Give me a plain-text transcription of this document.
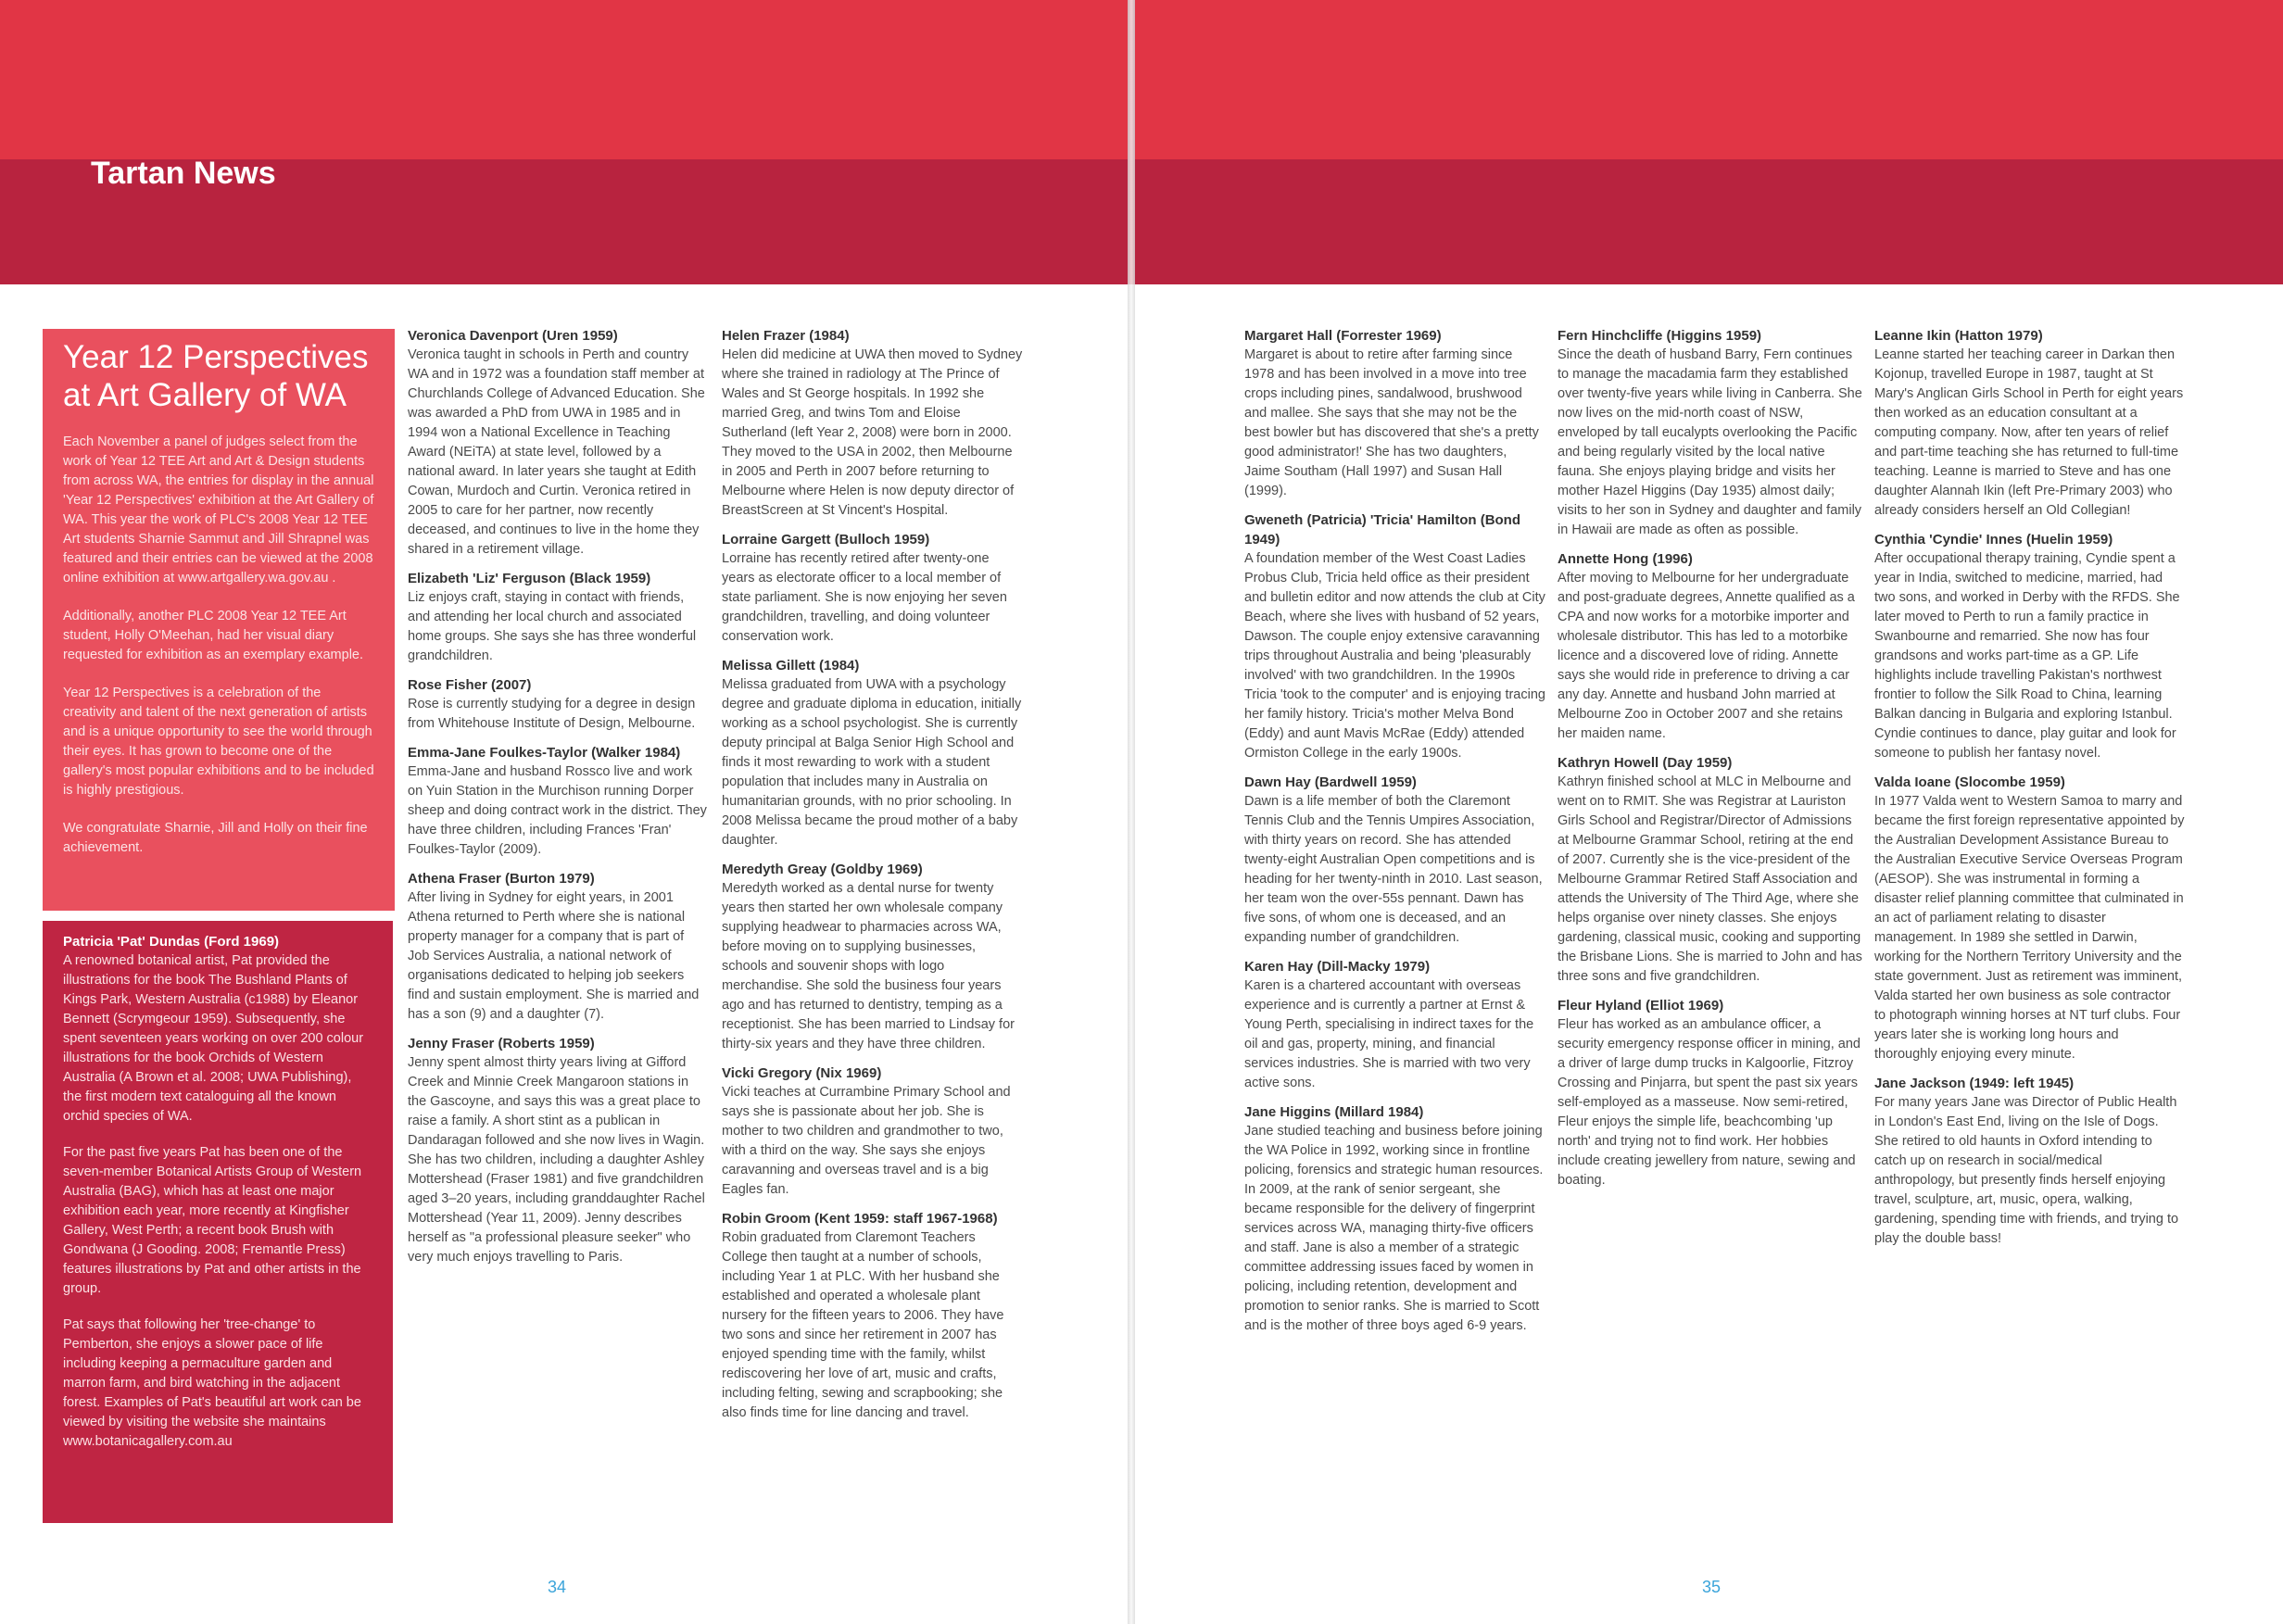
Tartan News
Year 12 Perspectives at Art Gallery of WA

Each November a panel of judges select from the work of Year 12 TEE Art and Art & Design students from across WA, the entries for display in the annual 'Year 12 Perspectives' exhibition at the Art Gallery of WA. This year the work of PLC's 2008 Year 12 TEE Art students Sharnie Sammut and Jill Shrapnel was featured and their entries can be viewed at the 2008 online exhibition at www.artgallery.wa.gov.au .

Additionally, another PLC 2008 Year 12 TEE Art student, Holly O'Meehan, had her visual diary requested for exhibition as an exemplary example.

Year 12 Perspectives is a celebration of the creativity and talent of the next generation of artists and is a unique opportunity to see the world through their eyes. It has grown to become one of the gallery's most popular exhibitions and to be included is highly prestigious.

We congratulate Sharnie, Jill and Holly on their fine achievement.

Patricia 'Pat' Dundas (Ford 1969)

A renowned botanical artist, Pat provided the illustrations for the book The Bushland Plants of Kings Park, Western Australia (c1988) by Eleanor Bennett (Scrymgeour 1959). Subsequently, she spent seventeen years working on over 200 colour illustrations for the book Orchids of Western Australia (A Brown et al. 2008; UWA Publishing), the first modern text cataloguing all the known orchid species of WA.

For the past five years Pat has been one of the seven-member Botanical Artists Group of Western Australia (BAG), which has at least one major exhibition each year, more recently at Kingfisher Gallery, West Perth; a recent book Brush with Gondwana (J Gooding. 2008; Fremantle Press) features illustrations by Pat and other artists in the group.

Pat says that following her 'tree-change' to Pemberton, she enjoys a slower pace of life including keeping a permaculture garden and marron farm, and bird watching in the adjacent forest. Examples of Pat's beautiful art work can be viewed by visiting the website she maintains www.botanicagallery.com.au

Veronica Davenport (Uren 1959)

Veronica taught in schools in Perth and country WA and in 1972 was a foundation staff member at Churchlands College of Advanced Education. She was awarded a PhD from UWA in 1985 and in 1994 won a National Excellence in Teaching Award (NEiTA) at state level, followed by a national award. In later years she taught at Edith Cowan, Murdoch and Curtin. Veronica retired in 2005 to care for her partner, now recently deceased, and continues to live in the home they shared in a retirement village.

Elizabeth 'Liz' Ferguson (Black 1959)

Liz enjoys craft, staying in contact with friends, and attending her local church and associated home groups. She says she has three wonderful grandchildren.

Rose Fisher (2007)

Rose is currently studying for a degree in design from Whitehouse Institute of Design, Melbourne.

Emma-Jane Foulkes-Taylor (Walker 1984)

Emma-Jane and husband Rossco live and work on Yuin Station in the Murchison running Dorper sheep and doing contract work in the district. They have three children, including Frances 'Fran' Foulkes-Taylor (2009).

Athena Fraser (Burton 1979)

After living in Sydney for eight years, in 2001 Athena returned to Perth where she is national property manager for a company that is part of Job Services Australia, a national network of organisations dedicated to helping job seekers find and sustain employment. She is married and has a son (9) and a daughter (7).

Jenny Fraser (Roberts 1959)

Jenny spent almost thirty years living at Gifford Creek and Minnie Creek Mangaroon stations in the Gascoyne, and says this was a great place to raise a family. A short stint as a publican in Dandaragan followed and she now lives in Wagin. She has two children, including a daughter Ashley Mottershead (Fraser 1981) and five grandchildren aged 3–20 years, including granddaughter Rachel Mottershead (Year 11, 2009). Jenny describes herself as "a professional pleasure seeker" who very much enjoys travelling to Paris.

Helen Frazer (1984)

Helen did medicine at UWA then moved to Sydney where she trained in radiology at The Prince of Wales and St George hospitals. In 1992 she married Greg, and twins Tom and Eloise Sutherland (left Year 2, 2008) were born in 2000. They moved to the USA in 2002, then Melbourne in 2005 and Perth in 2007 before returning to Melbourne where Helen is now deputy director of BreastScreen at St Vincent's Hospital.

Lorraine Gargett (Bulloch 1959)

Lorraine has recently retired after twenty-one years as electorate officer to a local member of state parliament. She is now enjoying her seven grandchildren, travelling, and doing volunteer conservation work.

Melissa Gillett (1984)

Melissa graduated from UWA with a psychology degree and graduate diploma in education, initially working as a school psychologist. She is currently deputy principal at Balga Senior High School and finds it most rewarding to work with a student population that includes many in Australia on humanitarian grounds, with no prior schooling. In 2008 Melissa became the proud mother of a baby daughter.

Meredyth Greay (Goldby 1969)

Meredyth worked as a dental nurse for twenty years then started her own wholesale company supplying headwear to pharmacies across WA, before moving on to supplying businesses, schools and souvenir shops with logo merchandise. She sold the business four years ago and has returned to dentistry, temping as a receptionist. She has been married to Lindsay for thirty-six years and they have three children.

Vicki Gregory (Nix 1969)

Vicki teaches at Currambine Primary School and says she is passionate about her job. She is mother to two children and grandmother to two, with a third on the way. She says she enjoys caravanning and overseas travel and is a big Eagles fan.

Robin Groom (Kent 1959: staff 1967-1968)

Robin graduated from Claremont Teachers College then taught at a number of schools, including Year 1 at PLC. With her husband she established and operated a wholesale plant nursery for the fifteen years to 2006. They have two sons and since her retirement in 2007 has enjoyed spending time with the family, whilst rediscovering her love of art, music and crafts, including felting, sewing and scrapbooking; she also finds time for line dancing and travel.

Margaret Hall (Forrester 1969)

Margaret is about to retire after farming since 1978 and has been involved in a move into tree crops including pines, sandalwood, brushwood and mallee. She says that she may not be the best bowler but has discovered that she's a pretty good administrator!' She has two daughters, Jaime Southam (Hall 1997) and Susan Hall (1999).

Gweneth (Patricia) 'Tricia' Hamilton (Bond 1949)

A foundation member of the West Coast Ladies Probus Club, Tricia held office as their president and bulletin editor and now attends the club at City Beach, where she lives with husband of 52 years, Dawson. The couple enjoy extensive caravanning trips throughout Australia and being 'pleasurably involved' with two grandchildren. In the 1990s Tricia 'took to the computer' and is enjoying tracing her family history. Tricia's mother Melva Bond (Eddy) and aunt Mavis McRae (Eddy) attended Ormiston College in the early 1900s.

Dawn Hay (Bardwell 1959)

Dawn is a life member of both the Claremont Tennis Club and the Tennis Umpires Association, with thirty years on record. She has attended twenty-eight Australian Open competitions and is heading for her twenty-ninth in 2010. Last season, her team won the over-55s pennant. Dawn has five sons, of whom one is deceased, and an expanding number of grandchildren.

Karen Hay (Dill-Macky 1979)

Karen is a chartered accountant with overseas experience and is currently a partner at Ernst & Young Perth, specialising in indirect taxes for the oil and gas, property, mining, and financial services industries. She is married with two very active sons.

Jane Higgins (Millard 1984)

Jane studied teaching and business before joining the WA Police in 1992, working since in frontline policing, forensics and strategic human resources. In 2009, at the rank of senior sergeant, she became responsible for the delivery of fingerprint services across WA, managing thirty-five officers and staff. Jane is also a member of a strategic committee addressing issues faced by women in policing, including retention, development and promotion to senior ranks. She is married to Scott and is the mother of three boys aged 6-9 years.

Fern Hinchcliffe (Higgins 1959)

Since the death of husband Barry, Fern continues to manage the macadamia farm they established over twenty-five years while living in Canberra. She now lives on the mid-north coast of NSW, enveloped by tall eucalypts overlooking the Pacific and being regularly visited by the local native fauna. She enjoys playing bridge and visits her mother Hazel Higgins (Day 1935) almost daily; visits to her son in Sydney and daughter and family in Hawaii are made as often as possible.

Annette Hong (1996)

After moving to Melbourne for her undergraduate and post-graduate degrees, Annette qualified as a CPA and now works for a motorbike importer and wholesale distributor. This has led to a motorbike licence and a discovered love of riding. Annette says she would ride in preference to driving a car any day. Annette and husband John married at Melbourne Zoo in October 2007 and she retains her maiden name.

Kathryn Howell (Day 1959)

Kathryn finished school at MLC in Melbourne and went on to RMIT. She was Registrar at Lauriston Girls School and Registrar/Director of Admissions at Melbourne Grammar School, retiring at the end of 2007. Currently she is the vice-president of the Melbourne Grammar Retired Staff Association and attends the University of The Third Age, where she helps organise over ninety classes. She enjoys gardening, classical music, cooking and supporting the Brisbane Lions. She is married to John and has three sons and five grandchildren.

Fleur Hyland (Elliot 1969)

Fleur has worked as an ambulance officer, a security emergency response officer in mining, and a driver of large dump trucks in Kalgoorlie, Fitzroy Crossing and Pinjarra, but spent the past six years self-employed as a masseuse. Now semi-retired, Fleur enjoys the simple life, beachcombing 'up north' and trying not to find work. Her hobbies include creating jewellery from nature, sewing and boating.

Leanne Ikin (Hatton 1979)

Leanne started her teaching career in Darkan then Kojonup, travelled Europe in 1987, taught at St Mary's Anglican Girls School in Perth for eight years then worked as an education consultant at a computing company. Now, after ten years of relief and part-time teaching she has returned to full-time teaching. Leanne is married to Steve and has one daughter Alannah Ikin (left Pre-Primary 2003) who already considers herself an Old Collegian!

Cynthia 'Cyndie' Innes (Huelin 1959)

After occupational therapy training, Cyndie spent a year in India, switched to medicine, married, had two sons, and worked in Derby with the RFDS. She later moved to Perth to run a family practice in Swanbourne and remarried. She now has four grandsons and works part-time as a GP. Life highlights include travelling Pakistan's northwest frontier to follow the Silk Road to China, learning Balkan dancing in Bulgaria and exploring Istanbul. Cyndie continues to dance, play guitar and look for someone to publish her fantasy novel.

Valda Ioane (Slocombe 1959)

In 1977 Valda went to Western Samoa to marry and became the first foreign representative appointed by the Australian Development Assistance Bureau to the Australian Executive Service Overseas Program (AESOP). She was instrumental in forming a disaster relief planning committee that culminated in an act of parliament relating to disaster management. In 1989 she settled in Darwin, working for the Northern Territory University and the state government. Just as retirement was imminent, Valda started her own business as sole contractor to photograph winning horses at NT turf clubs. Four years later she is working long hours and thoroughly enjoying every minute.

Jane Jackson (1949: left 1945)

For many years Jane was Director of Public Health in London's East End, living on the Isle of Dogs. She retired to old haunts in Oxford intending to catch up on research in social/medical anthropology, but presently finds herself enjoying travel, sculpture, art, music, opera, walking, gardening, spending time with friends, and trying to play the double bass!

34	35
